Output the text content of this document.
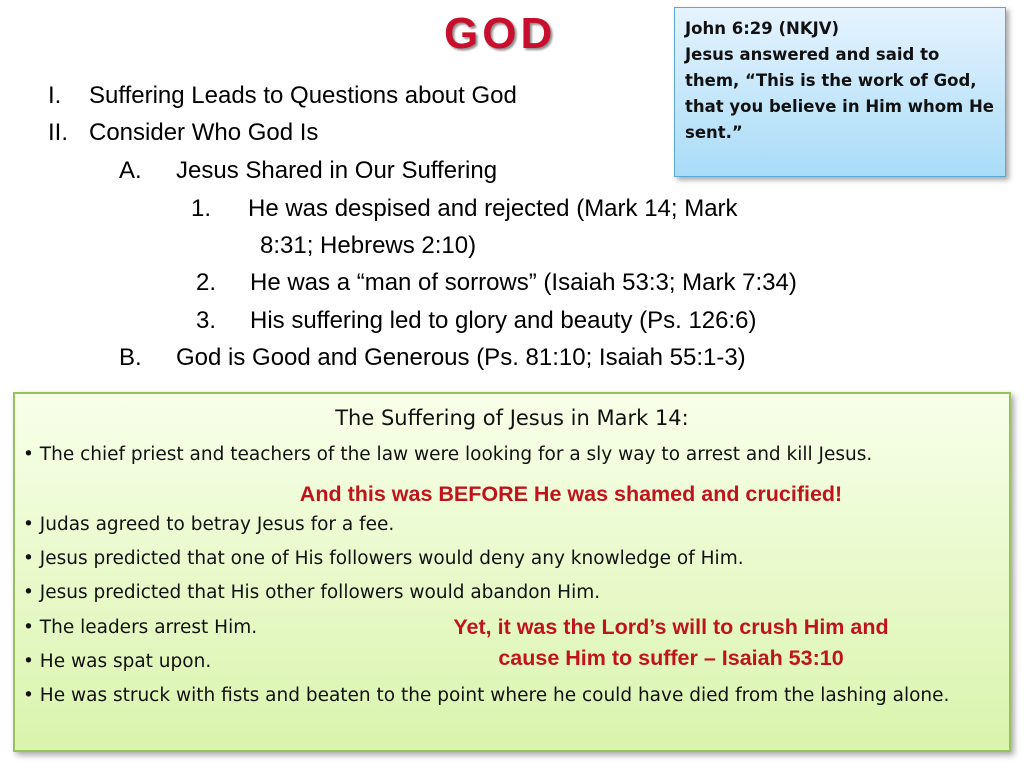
GOD	John 6:29 (NKJV)
Jesus answered and said to them, “This is the work of God, that you believe in Him whom He sent.”
I. Suffering Leads to Questions about God
II. Consider Who God Is
A. Jesus Shared in Our Suffering
1. He was despised and rejected (Mark 14; Mark
8:31; Hebrews 2:10)
2. He was a “man of sorrows” (Isaiah 53:3; Mark 7:34)
3. His suffering led to glory and beauty (Ps. 126:6)
B. God is Good and Generous (Ps. 81:10; Isaiah 55:1-3)
The Suffering of Jesus in Mark 14:
• The chief priest and teachers of the law were looking for a sly way to arrest and kill Jesus.
And this was BEFORE He was shamed and crucified!
• Judas agreed to betray Jesus for a fee.
• Jesus predicted that one of His followers would deny any knowledge of Him.
• Jesus predicted that His other followers would abandon Him.
• The leaders arrest Him.
• He was spat upon.
Yet, it was the Lord’s will to crush Him and
cause Him to suffer – Isaiah 53:10
• He was struck with fists and beaten to the point where he could have died from the lashing alone.
